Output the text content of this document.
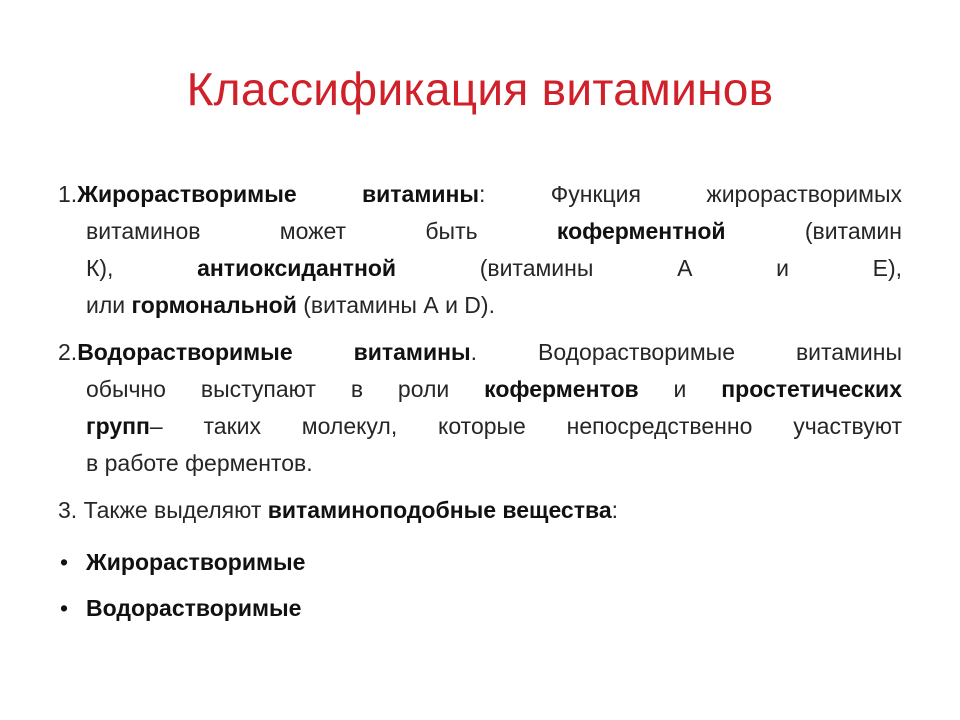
Классификация витаминов
1.Жирорастворимые витамины: Функция жирорастворимых
витаминов может быть коферментной (витамин
К), антиоксидантной (витамины А и Е),
или гормональной (витамины А и D).
2.Водорастворимые витамины. Водорастворимые витамины
обычно выступают в роли коферментов и простетических
групп– таких молекул, которые непосредственно участвуют
в работе ферментов.
3. Также выделяют витаминоподобные вещества:
• Жирорастворимые
• Водорастворимые
